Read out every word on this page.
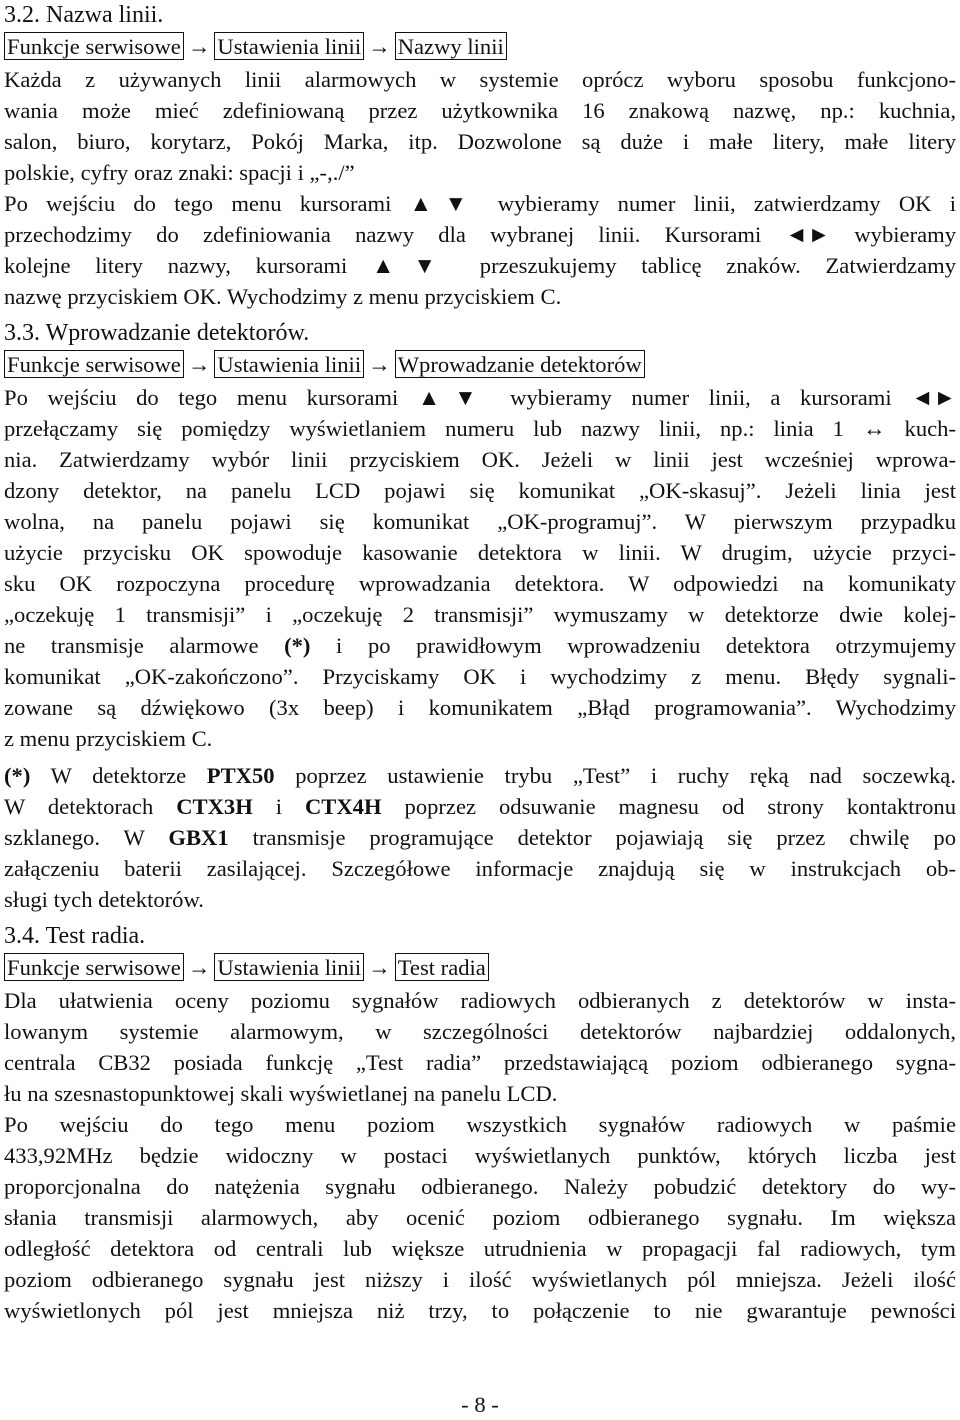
3.2. Nazwa linii.
Funkcje serwisowe → Ustawienia linii → Nazwy linii
Każda z używanych linii alarmowych w systemie oprócz wyboru sposobu funkcjono-
wania może mieć zdefiniowaną przez użytkownika 16 znakową nazwę, np.: kuchnia,
salon, biuro, korytarz, Pokój Marka, itp. Dozwolone są duże i małe litery, małe litery
polskie, cyfry oraz znaki: spacji i „-,./”
Po wejściu do tego menu kursorami ▲▼ wybieramy numer linii, zatwierdzamy OK i
przechodzimy do zdefiniowania nazwy dla wybranej linii. Kursorami ◄► wybieramy
kolejne litery nazwy, kursorami ▲▼ przeszukujemy tablicę znaków. Zatwierdzamy
nazwę przyciskiem OK. Wychodzimy z menu przyciskiem C.
3.3. Wprowadzanie detektorów.
Funkcje serwisowe → Ustawienia linii → Wprowadzanie detektorów
Po wejściu do tego menu kursorami ▲▼ wybieramy numer linii, a kursorami ◄►
przełączamy się pomiędzy wyświetlaniem numeru lub nazwy linii, np.: linia 1 ↔ kuch-
nia. Zatwierdzamy wybór linii przyciskiem OK. Jeżeli w linii jest wcześniej wprowa-
dzony detektor, na panelu LCD pojawi się komunikat „OK-skasuj”. Jeżeli linia jest
wolna, na panelu pojawi się komunikat „OK-programuj”. W pierwszym przypadku
użycie przycisku OK spowoduje kasowanie detektora w linii. W drugim, użycie przyci-
sku OK rozpoczyna procedurę wprowadzania detektora. W odpowiedzi na komunikaty
„oczekuję 1 transmisji” i „oczekuję 2 transmisji” wymuszamy w detektorze dwie kolej-
ne transmisje alarmowe (*) i po prawidłowym wprowadzeniu detektora otrzymujemy
komunikat „OK-zakończono”. Przyciskamy OK i wychodzimy z menu. Błędy sygnali-
zowane są dźwiękowo (3x beep) i komunikatem „Błąd programowania”. Wychodzimy
z menu przyciskiem C.
(*) W detektorze PTX50 poprzez ustawienie trybu „Test” i ruchy ręką nad soczewką.
W detektorach CTX3H i CTX4H poprzez odsuwanie magnesu od strony kontaktronu
szklanego. W GBX1 transmisje programujące detektor pojawiają się przez chwilę po
załączeniu baterii zasilającej. Szczegółowe informacje znajdują się w instrukcjach ob-
sługi tych detektorów.
3.4. Test radia.
Funkcje serwisowe → Ustawienia linii → Test radia
Dla ułatwienia oceny poziomu sygnałów radiowych odbieranych z detektorów w insta-
lowanym systemie alarmowym, w szczególności detektorów najbardziej oddalonych,
centrala CB32 posiada funkcję „Test radia” przedstawiającą poziom odbieranego sygna-
łu na szesnastopunktowej skali wyświetlanej na panelu LCD.
Po wejściu do tego menu poziom wszystkich sygnałów radiowych w paśmie
433,92MHz będzie widoczny w postaci wyświetlanych punktów, których liczba jest
proporcjonalna do natężenia sygnału odbieranego. Należy pobudzić detektory do wy-
słania transmisji alarmowych, aby ocenić poziom odbieranego sygnału. Im większa
odległość detektora od centrali lub większe utrudnienia w propagacji fal radiowych, tym
poziom odbieranego sygnału jest niższy i ilość wyświetlanych pól mniejsza. Jeżeli ilość
wyświetlonych pól jest mniejsza niż trzy, to połączenie to nie gwarantuje pewności
- 8 -
